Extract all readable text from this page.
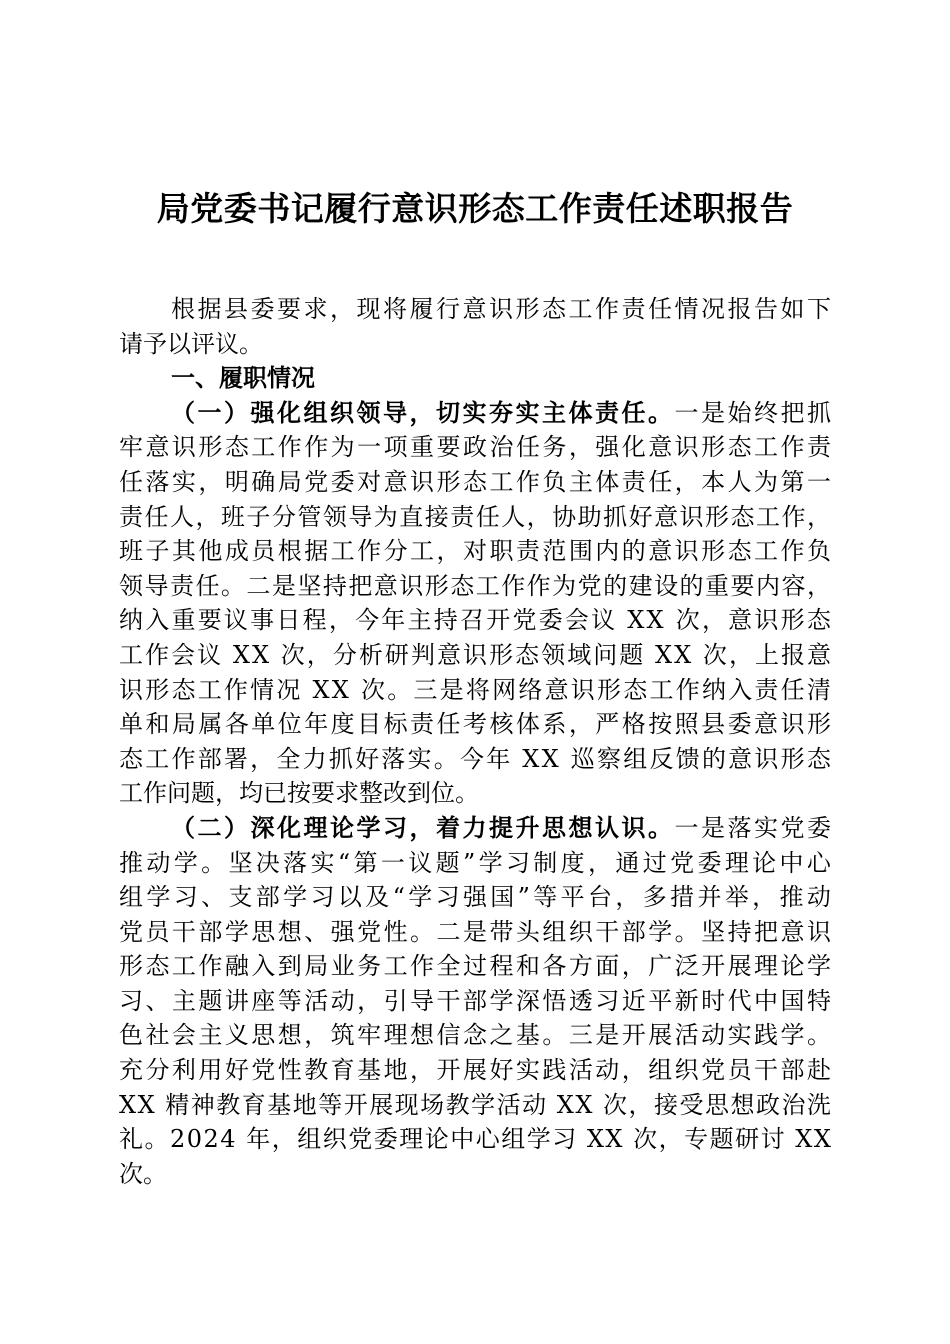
局党委书记履行意识形态工作责任述职报告
根据县委要求，现将履行意识形态工作责任情况报告如下
请予以评议。
一、履职情况
（一）强化组织领导，切实夯实主体责任。一是始终把抓
牢意识形态工作作为一项重要政治任务，强化意识形态工作责
任落实，明确局党委对意识形态工作负主体责任，本人为第一
责任人，班子分管领导为直接责任人，协助抓好意识形态工作，
班子其他成员根据工作分工，对职责范围内的意识形态工作负
领导责任。二是坚持把意识形态工作作为党的建设的重要内容，
纳入重要议事日程，今年主持召开党委会议 XX 次，意识形态
工作会议 XX 次，分析研判意识形态领域问题 XX 次，上报意
识形态工作情况 XX 次。三是将网络意识形态工作纳入责任清
单和局属各单位年度目标责任考核体系，严格按照县委意识形
态工作部署，全力抓好落实。今年 XX 巡察组反馈的意识形态
工作问题，均已按要求整改到位。
（二）深化理论学习，着力提升思想认识。一是落实党委
推动学。坚决落实“第一议题”学习制度，通过党委理论中心
组学习、支部学习以及“学习强国”等平台，多措并举，推动
党员干部学思想、强党性。二是带头组织干部学。坚持把意识
形态工作融入到局业务工作全过程和各方面，广泛开展理论学
习、主题讲座等活动，引导干部学深悟透习近平新时代中国特
色社会主义思想，筑牢理想信念之基。三是开展活动实践学。
充分利用好党性教育基地，开展好实践活动，组织党员干部赴
XX 精神教育基地等开展现场教学活动 XX 次，接受思想政治洗
礼。2024 年，组织党委理论中心组学习 XX 次，专题研讨 XX
次。
